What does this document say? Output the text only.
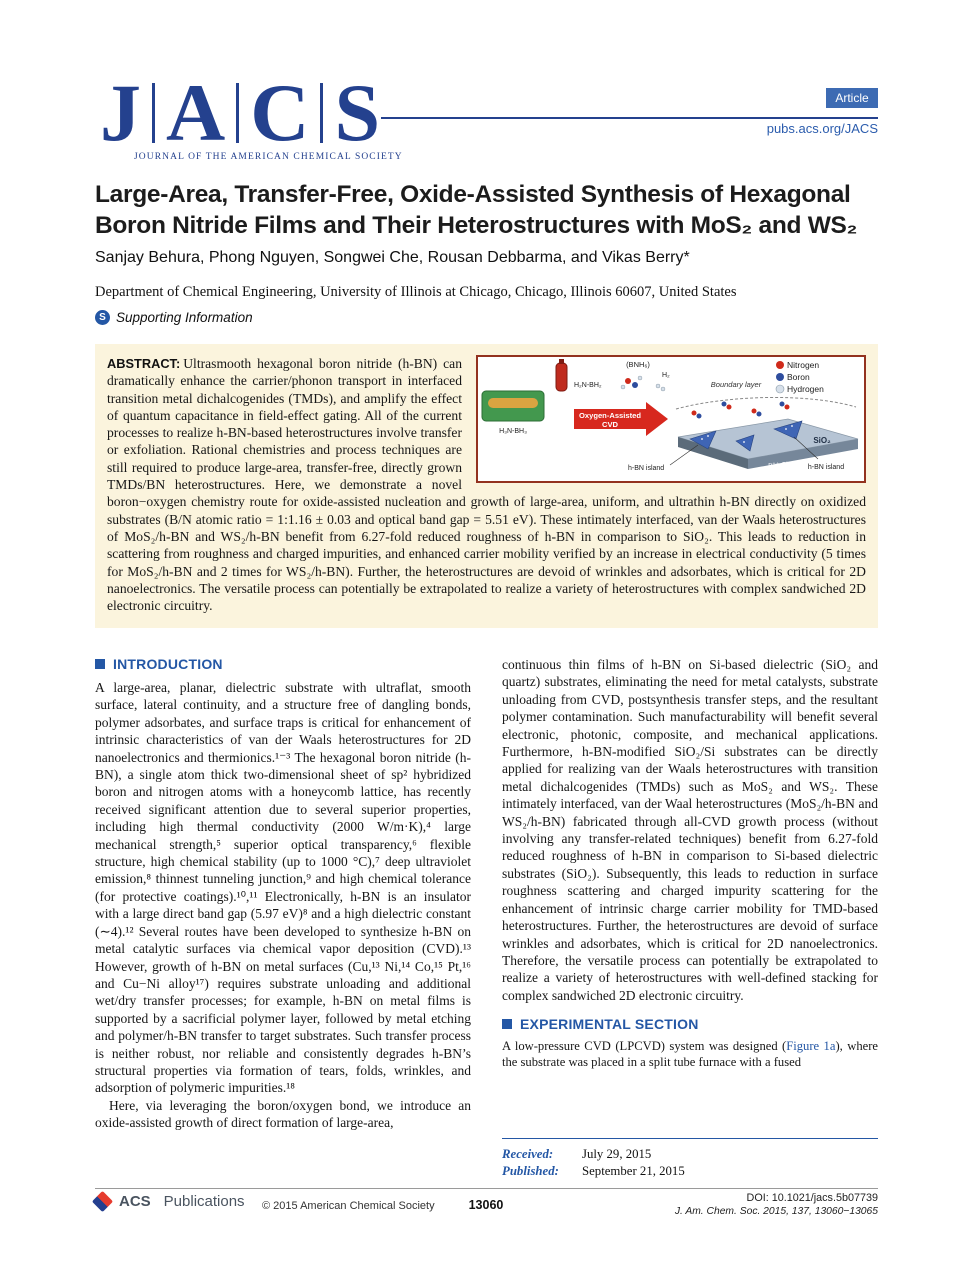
J A C S
JOURNAL OF THE AMERICAN CHEMICAL SOCIETY
Article
pubs.acs.org/JACS
Large-Area, Transfer-Free, Oxide-Assisted Synthesis of Hexagonal Boron Nitride Films and Their Heterostructures with MoS₂ and WS₂
Sanjay Behura, Phong Nguyen, Songwei Che, Rousan Debbarma, and Vikas Berry*
Department of Chemical Engineering, University of Illinois at Chicago, Chicago, Illinois 60607, United States
S Supporting Information
Nitrogen
Boron
Hydrogen
H₃N-BH₃
(BNH₆)
H₂N-BH₂
H₂
Oxygen-Assisted
CVD
Boundary layer
SiO₂
n⁺⁺ Si
h-BN island	h-BN island

ABSTRACT: Ultrasmooth hexagonal boron nitride (h-BN) can dramatically enhance the carrier/phonon transport in interfaced transition metal dichalcogenides (TMDs), and amplify the effect of quantum capacitance in field-effect gating. All of the current processes to realize h-BN-based heterostructures involve transfer or exfoliation. Rational chemistries and process techniques are still required to produce large-area, transfer-free, directly grown TMDs/BN heterostructures. Here, we demonstrate a novel boron−oxygen chemistry route for oxide-assisted nucleation and growth of large-area, uniform, and ultrathin h-BN directly on oxidized substrates (B/N atomic ratio = 1:1.16 ± 0.03 and optical band gap = 5.51 eV). These intimately interfaced, van der Waals heterostructures of MoS₂/h-BN and WS₂/h-BN benefit from 6.27-fold reduced roughness of h-BN in comparison to SiO₂. This leads to reduction in scattering from roughness and charged impurities, and enhanced carrier mobility verified by an increase in electrical conductivity (5 times for MoS₂/h-BN and 2 times for WS₂/h-BN). Further, the heterostructures are devoid of wrinkles and adsorbates, which is critical for 2D nanoelectronics. The versatile process can potentially be extrapolated to realize a variety of heterostructures with complex sandwiched 2D electronic circuitry.

INTRODUCTION

A large-area, planar, dielectric substrate with ultraflat, smooth surface, lateral continuity, and a structure free of dangling bonds, polymer adsorbates, and surface traps is critical for enhancement of intrinsic characteristics of van der Waals heterostructures for 2D nanoelectronics and thermionics.¹⁻³ The hexagonal boron nitride (h-BN), a single atom thick two-dimensional sheet of sp² hybridized boron and nitrogen atoms with a honeycomb lattice, has recently received significant attention due to several superior properties, including high thermal conductivity (2000 W/m·K),⁴ large mechanical strength,⁵ superior optical transparency,⁶ flexible structure, high chemical stability (up to 1000 °C),⁷ deep ultraviolet emission,⁸ thinnest tunneling junction,⁹ and high chemical tolerance (for protective coatings).¹⁰,¹¹ Electronically, h-BN is an insulator with a large direct band gap (5.97 eV)⁸ and a high dielectric constant (∼4).¹² Several routes have been developed to synthesize h-BN on metal catalytic surfaces via chemical vapor deposition (CVD).¹³ However, growth of h-BN on metal surfaces (Cu,¹³ Ni,¹⁴ Co,¹⁵ Pt,¹⁶ and Cu−Ni alloy¹⁷) requires substrate unloading and additional wet/dry transfer processes; for example, h-BN on metal films is supported by a sacrificial polymer layer, followed by metal etching and polymer/h-BN transfer to target substrates. Such transfer process is neither robust, nor reliable and consistently degrades h-BN’s structural properties via formation of tears, folds, wrinkles, and adsorption of polymeric impurities.¹⁸

Here, via leveraging the boron/oxygen bond, we introduce an oxide-assisted growth of direct formation of large-area,

continuous thin films of h-BN on Si-based dielectric (SiO₂ and quartz) substrates, eliminating the need for metal catalysts, substrate unloading from CVD, postsynthesis transfer steps, and the resultant polymer contamination. Such manufacturability will benefit several electronic, photonic, composite, and mechanical applications. Furthermore, h-BN-modified SiO₂/Si substrates can be directly applied for realizing van der Waals heterostructures with transition metal dichalcogenides (TMDs) such as MoS₂ and WS₂. These intimately interfaced, van der Waal heterostructures (MoS₂/h-BN and WS₂/h-BN) fabricated through all-CVD growth process (without involving any transfer-related techniques) benefit from 6.27-fold reduced roughness of h-BN in comparison to Si-based dielectric substrates (SiO₂). Subsequently, this leads to reduction in surface roughness scattering and charged impurity scattering for the enhancement of intrinsic charge carrier mobility for TMD-based heterostructures. Further, the heterostructures are devoid of surface wrinkles and adsorbates, which is critical for 2D nanoelectronics. Therefore, the versatile process can potentially be extrapolated to realize a variety of heterostructures with well-defined stacking for complex sandwiched 2D electronic circuitry.

EXPERIMENTAL SECTION

A low-pressure CVD (LPCVD) system was designed (Figure 1a), where the substrate was placed in a split tube furnace with a fused

Received:	July 29, 2015
Published:	September 21, 2015
ACS Publications © 2015 American Chemical Society	13060	DOI: 10.1021/jacs.5b07739
J. Am. Chem. Soc. 2015, 137, 13060−13065
